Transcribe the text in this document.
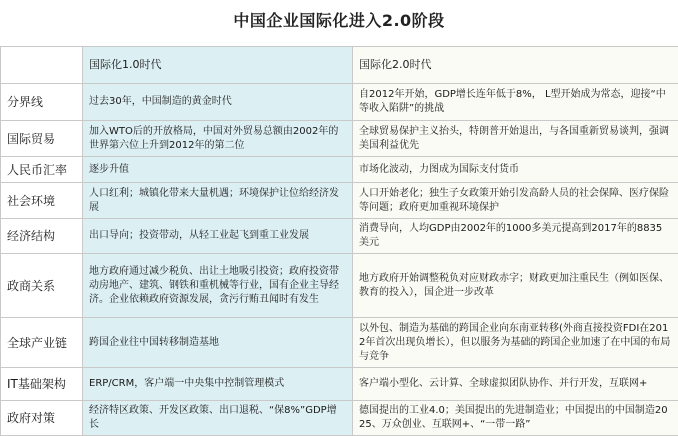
中国企业国际化进入2.0阶段
	国际化1.0时代	国际化2.0时代
分界线	过去30年，中国制造的黄金时代	自2012年开始，GDP增长连年低于8%， L型开始成为常态，迎接“中等收入陷阱”的挑战
国际贸易	加入WTO后的开放格局，中国对外贸易总额由2002年的世界第六位上升到2012年的第二位	全球贸易保护主义抬头，特朗普开始退出，与各国重新贸易谈判，强调美国利益优先
人民币汇率	逐步升值	市场化波动，力图成为国际支付货币
社会环境	人口红利；城镇化带来大量机遇；环境保护让位给经济发展	人口开始老化；独生子女政策开始引发高龄人员的社会保障、医疗保险等问题；政府更加重视环境保护
经济结构	出口导向；投资带动，从轻工业起飞到重工业发展	消费导向，人均GDP由2002年的1000多美元提高到2017年的8835美元
政商关系	地方政府通过减少税负、出让土地吸引投资；政府投资带动房地产、建筑、钢铁和重机械等行业，国有企业主导经济。企业依赖政府资源发展，贪污行贿丑闻时有发生	地方政府开始调整税负对应财政赤字；财政更加注重民生（例如医保、教育的投入），国企进一步改革
全球产业链	跨国企业往中国转移制造基地	以外包、制造为基础的跨国企业向东南亚转移(外商直接投资FDI在2012年首次出现负增长），但以服务为基础的跨国企业加速了在中国的布局与竞争
IT基础架构	ERP/CRM，客户端一中央集中控制管理模式	客户端小型化、云计算、全球虚拟团队协作、并行开发，互联网+
政府对策	经济特区政策、开发区政策、出口退税、“保8%”GDP增长	德国提出的工业4.0；美国提出的先进制造业；中国提出的中国制造2025、万众创业、互联网+、“一带一路”
